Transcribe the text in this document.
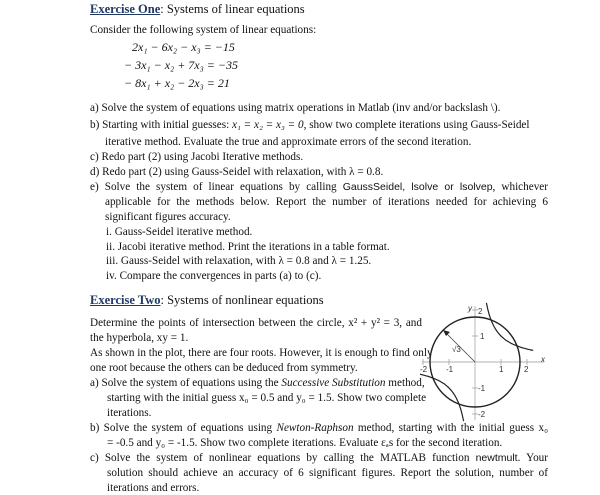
Exercise One: Systems of linear equations
Consider the following system of linear equations:
2x₁ − 6x₂ − x₃ = −15
− 3x₁ − x₂ + 7x₃ = −35
− 8x₁ + x₂ − 2x₃ = 21
a) Solve the system of equations using matrix operations in Matlab (inv and/or backslash \).
b) Starting with initial guesses: x₁ = x₂ = x₃ = 0, show two complete iterations using Gauss-Seidel
iterative method. Evaluate the true and approximate errors of the second iteration.
c) Redo part (2) using Jacobi Iterative methods.
d) Redo part (2) using Gauss-Seidel with relaxation, with λ = 0.8.
e) Solve the system of linear equations by calling GaussSeidel, lsolve or lsolvep, whichever
applicable for the methods below. Report the number of iterations needed for achieving 6
significant figures accuracy.
i. Gauss-Seidel iterative method.
ii. Jacobi iterative method. Print the iterations in a table format.
iii. Gauss-Seidel with relaxation, with λ = 0.8 and λ = 1.25.
iv. Compare the convergences in parts (a) to (c).
Exercise Two: Systems of nonlinear equations
Determine the points of intersection between the circle, x² + y² = 3, and
the hyperbola, xy = 1.
As shown in the plot, there are four roots. However, it is enough to find only
one root because the others can be deduced from symmetry.
a) Solve the system of equations using the Successive Substitution method,
starting with the initial guess x₀ = 0.5 and y₀ = 1.5. Show two complete
iterations.
b) Solve the system of equations using Newton-Raphson method, starting with the initial guess x₀
= -0.5 and y₀ = -1.5. Show two complete iterations. Evaluate εₐs for the second iteration.
c) Solve the system of nonlinear equations by calling the MATLAB function newtmult. Your
solution should achieve an accuracy of 6 significant figures. Report the solution, number of
iterations and errors.
√3
y
x
-2 -1	1	2
2
1
-1
-2
